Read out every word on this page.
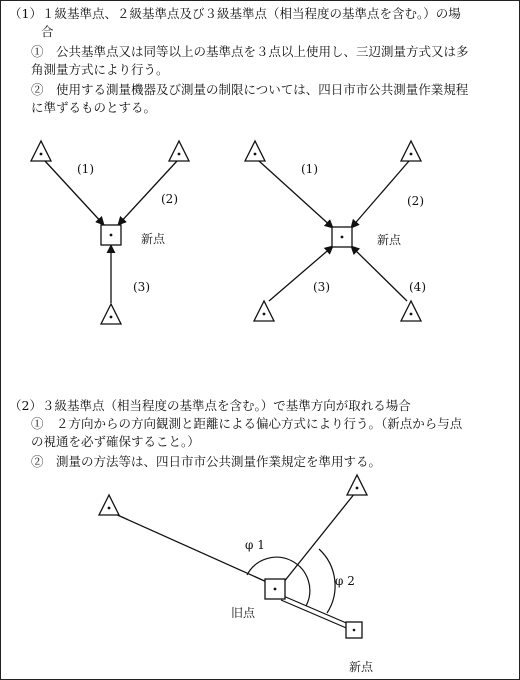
（1）１級基準点、２級基準点及び３級基準点（相当程度の基準点を含む。）の場
合
①　公共基準点又は同等以上の基準点を３点以上使用し、三辺測量方式又は多
角測量方式により行う。
②　使用する測量機器及び測量の制限については、四日市市公共測量作業規程
に準ずるものとする。
（2）３級基準点（相当程度の基準点を含む。）で基準方向が取れる場合
①　２方向からの方向観測と距離による偏心方式により行う。（新点から与点
の視通を必ず確保すること。）
②　測量の方法等は、四日市市公共測量作業規定を準用する。
(1)
(2)
(3)
新点
(1)
(2)
(3)	(4)
新点
φ 1
φ 2
旧点
新点
